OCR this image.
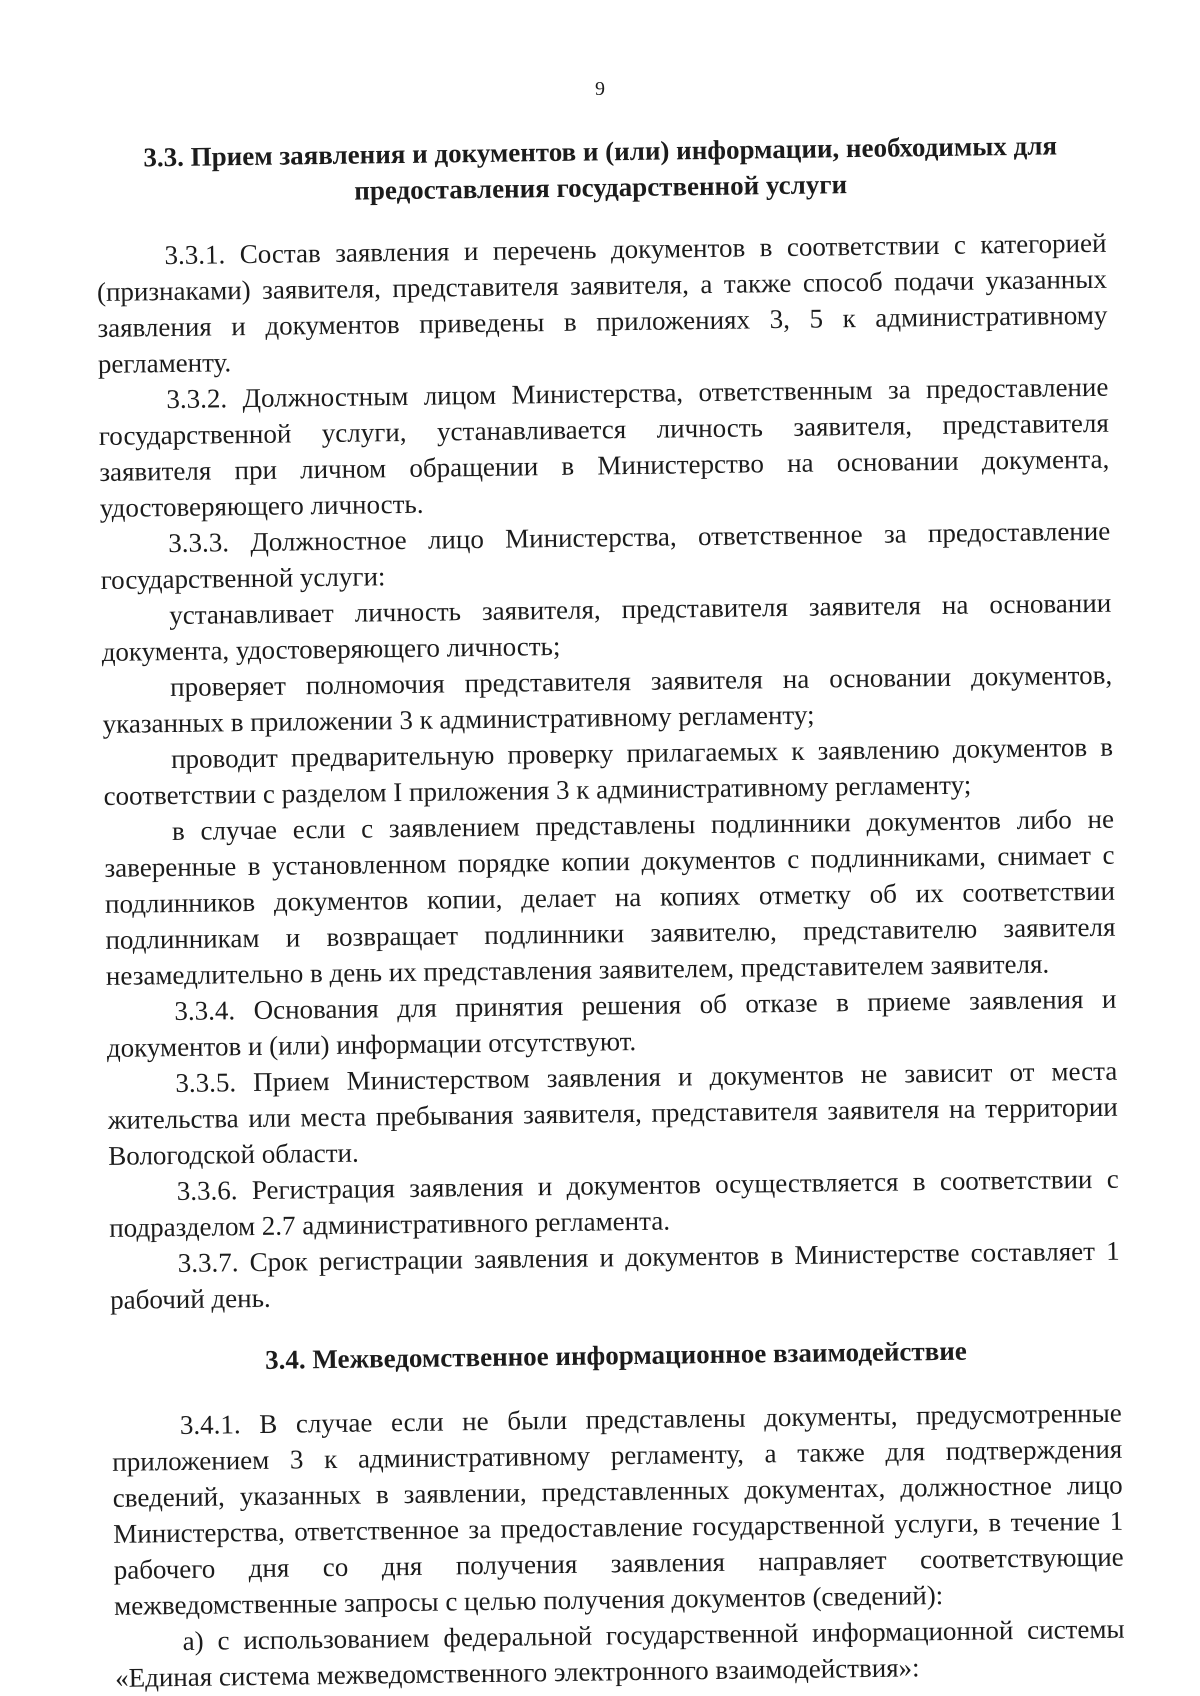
9
3.3. Прием заявления и документов и (или) информации, необходимых для
предоставления государственной услуги

3.3.1. Состав заявления и перечень документов в соответствии с категорией (признаками) заявителя, представителя заявителя, а также способ подачи указанных заявления и документов приведены в приложениях 3, 5 к административному регламенту.

3.3.2. Должностным лицом Министерства, ответственным за предоставление государственной услуги, устанавливается личность заявителя, представителя заявителя при личном обращении в Министерство на основании документа, удостоверяющего личность.

3.3.3. Должностное лицо Министерства, ответственное за предоставление государственной услуги:

устанавливает личность заявителя, представителя заявителя на основании документа, удостоверяющего личность;

проверяет полномочия представителя заявителя на основании документов, указанных в приложении 3 к административному регламенту;

проводит предварительную проверку прилагаемых к заявлению документов в соответствии с разделом I приложения 3 к административному регламенту;

в случае если с заявлением представлены подлинники документов либо не заверенные в установленном порядке копии документов с подлинниками, снимает с подлинников документов копии, делает на копиях отметку об их соответствии подлинникам и возвращает подлинники заявителю, представителю заявителя незамедлительно в день их представления заявителем, представителем заявителя.

3.3.4. Основания для принятия решения об отказе в приеме заявления и документов и (или) информации отсутствуют.

3.3.5. Прием Министерством заявления и документов не зависит от места жительства или места пребывания заявителя, представителя заявителя на территории Вологодской области.

3.3.6. Регистрация заявления и документов осуществляется в соответствии с подразделом 2.7 административного регламента.

3.3.7. Срок регистрации заявления и документов в Министерстве составляет 1 рабочий день.

3.4. Межведомственное информационное взаимодействие

3.4.1. В случае если не были представлены документы, предусмотренные приложением 3 к административному регламенту, а также для подтверждения сведений, указанных в заявлении, представленных документах, должностное лицо Министерства, ответственное за предоставление государственной услуги, в течение 1 рабочего дня со дня получения заявления направляет соответствующие межведомственные запросы с целью получения документов (сведений):

а) с использованием федеральной государственной информационной системы «Единая система межведомственного электронного взаимодействия»:
